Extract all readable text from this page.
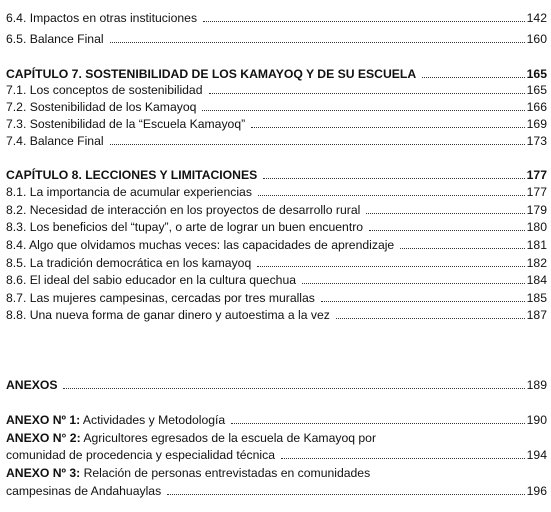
6.4. Impactos en otras instituciones	142
6.5. Balance Final	160
CAPÍTULO 7. SOSTENIBILIDAD DE LOS KAMAYOQ Y DE SU ESCUELA	165
7.1. Los conceptos de sostenibilidad	165
7.2. Sostenibilidad de los Kamayoq	166
7.3. Sostenibilidad de la “Escuela Kamayoq”	169
7.4. Balance Final	173
CAPÍTULO 8. LECCIONES Y LIMITACIONES	177
8.1. La importancia de acumular experiencias	177
8.2. Necesidad de interacción en los proyectos de desarrollo rural	179
8.3. Los beneficios del “tupay”, o arte de lograr un buen encuentro	180
8.4. Algo que olvidamos muchas veces: las capacidades de aprendizaje	181
8.5. La tradición democrática en los kamayoq	182
8.6. El ideal del sabio educador en la cultura quechua	184
8.7. Las mujeres campesinas, cercadas por tres murallas	185
8.8. Una nueva forma de ganar dinero y autoestima a la vez	187
ANEXOS	189
ANEXO Nº 1: Actividades y Metodología	190
ANEXO N° 2: Agricultores egresados de la escuela de Kamayoq por
comunidad de procedencia y especialidad técnica	194
ANEXO Nº 3: Relación de personas entrevistadas en comunidades
campesinas de Andahuaylas	196
